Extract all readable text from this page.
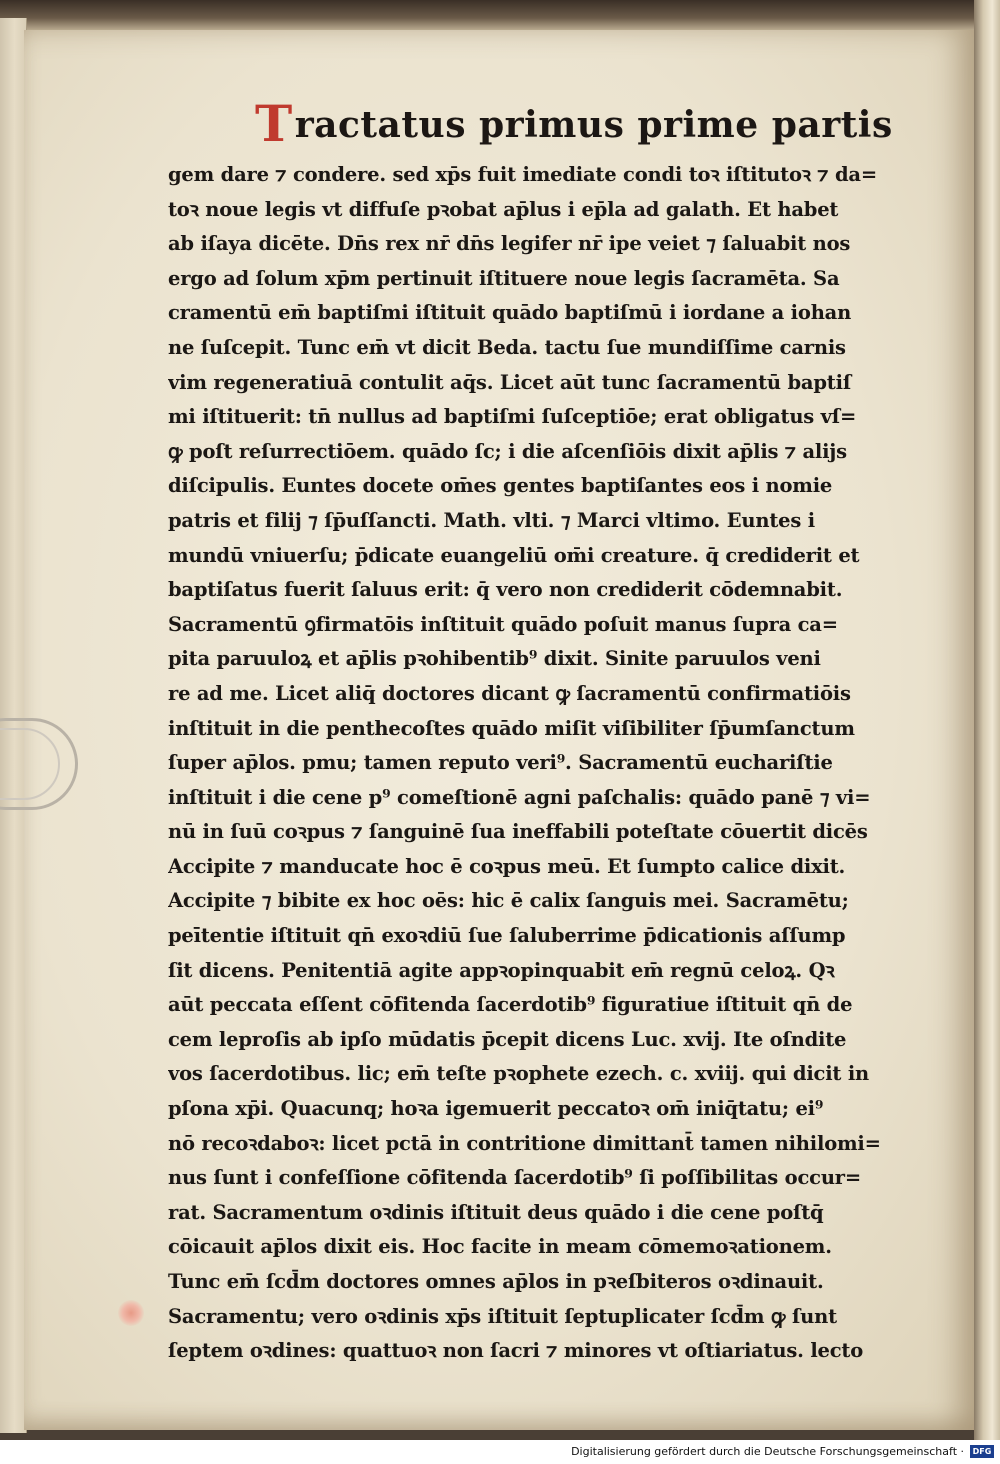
Tractatus primus prime partis
gem dare ⁊ condere. sed xp̄s fuit imediate condi toꝛ iſtitutoꝛ ⁊ da=
toꝛ noue legis vt diffuſe pꝛobat ap̄lus i ep̄la ad galath. Et habet
ab iſaya dicēte. Dn̄s rex nr̄ dn̄s legifer nr̄ ipe veiet ⁊ ſaluabit nos
ergo ad ſolum xp̄m pertinuit iſtituere noue legis ſacramēta. Sa
cramentū em̄ baptiſmi iſtituit quādo baptiſmū i iordane a iohan
ne ſuſcepit. Tunc em̄ vt dicit Beda. tactu ſue mundiſſime carnis
vim regeneratiuā contulit aq̄s. Licet aūt tunc ſacramentū baptiſ
mi iſtituerit: tn̄ nullus ad baptiſmi ſuſceptiōe; erat obligatus vſ=
ꝙ poſt reſurrectiōem. quādo ſc; i die aſcenſiōis dixit ap̄lis ⁊ alijs
diſcipulis. Euntes docete om̄es gentes baptiſantes eos i nomie
patris et filij ⁊ ſp̄uſſancti. Math. vlti. ⁊ Marci vltimo. Euntes i
mundū vniuerſu; p̄dicate euangeliū om̄i creature. q̄ crediderit et
baptiſatus fuerit ſaluus erit: q̄ vero non crediderit cōdemnabit.
Sacramentū ꝯfirmatōis inſtituit quādo poſuit manus ſupra ca=
pita paruuloꝝ et ap̄lis pꝛohibentib⁹ dixit. Sinite paruulos veni
re ad me. Licet aliq̄ doctores dicant ꝙ ſacramentū confirmatiōis
inſtituit in die penthecoſtes quādo miſit viſibiliter ſp̄umſanctum
ſuper ap̄los. pmu; tamen reputo veri⁹. Sacramentū euchariſtie
inſtituit i die cene p⁹ comeſtionē agni paſchalis: quādo panē ⁊ vi=
nū in ſuū coꝛpus ⁊ ſanguinē ſua ineffabili poteſtate cōuertit dicēs
Accipite ⁊ manducate hoc ē coꝛpus meū. Et ſumpto calice dixit.
Accipite ⁊ bibite ex hoc oēs: hic ē calix ſanguis mei. Sacramētu;
peītentie iſtituit qn̄ exoꝛdiū ſue ſaluberrime p̄dicationis aſſump
ſit dicens. Penitentiā agite appꝛopinquabit em̄ regnū celoꝝ. Qꝛ
aūt peccata eſſent cōfitenda ſacerdotib⁹ figuratiue iſtituit qn̄ de
cem leproſis ab ipſo mūdatis p̄cepit dicens Luc. xvij. Ite oſndite
vos ſacerdotibus. lic; em̄ teſte pꝛophete ezech. c. xviij. qui dicit in
pſona xp̄i. Quacunq; hoꝛa igemuerit peccatoꝛ om̄ iniq̄tatu; ei⁹
nō recoꝛdaboꝛ: licet pctā in contritione dimittant̄ tamen nihilomi=
nus ſunt i confeſſione cōfitenda ſacerdotib⁹ ſi poſſibilitas occur=
rat. Sacramentum oꝛdinis iſtituit deus quādo i die cene poſtq̄
cōicauit ap̄los dixit eis. Hoc facite in meam cōmemoꝛationem.
Tunc em̄ ſcd̄m doctores omnes ap̄los in pꝛeſbiteros oꝛdinauit.
Sacramentu; vero oꝛdinis xp̄s iſtituit ſeptuplicater ſcd̄m ꝙ ſunt
ſeptem oꝛdines: quattuoꝛ non ſacri ⁊ minores vt oſtiariatus. lecto
Digitalisierung gefördert durch die Deutsche Forschungsgemeinschaft ·	DFG
